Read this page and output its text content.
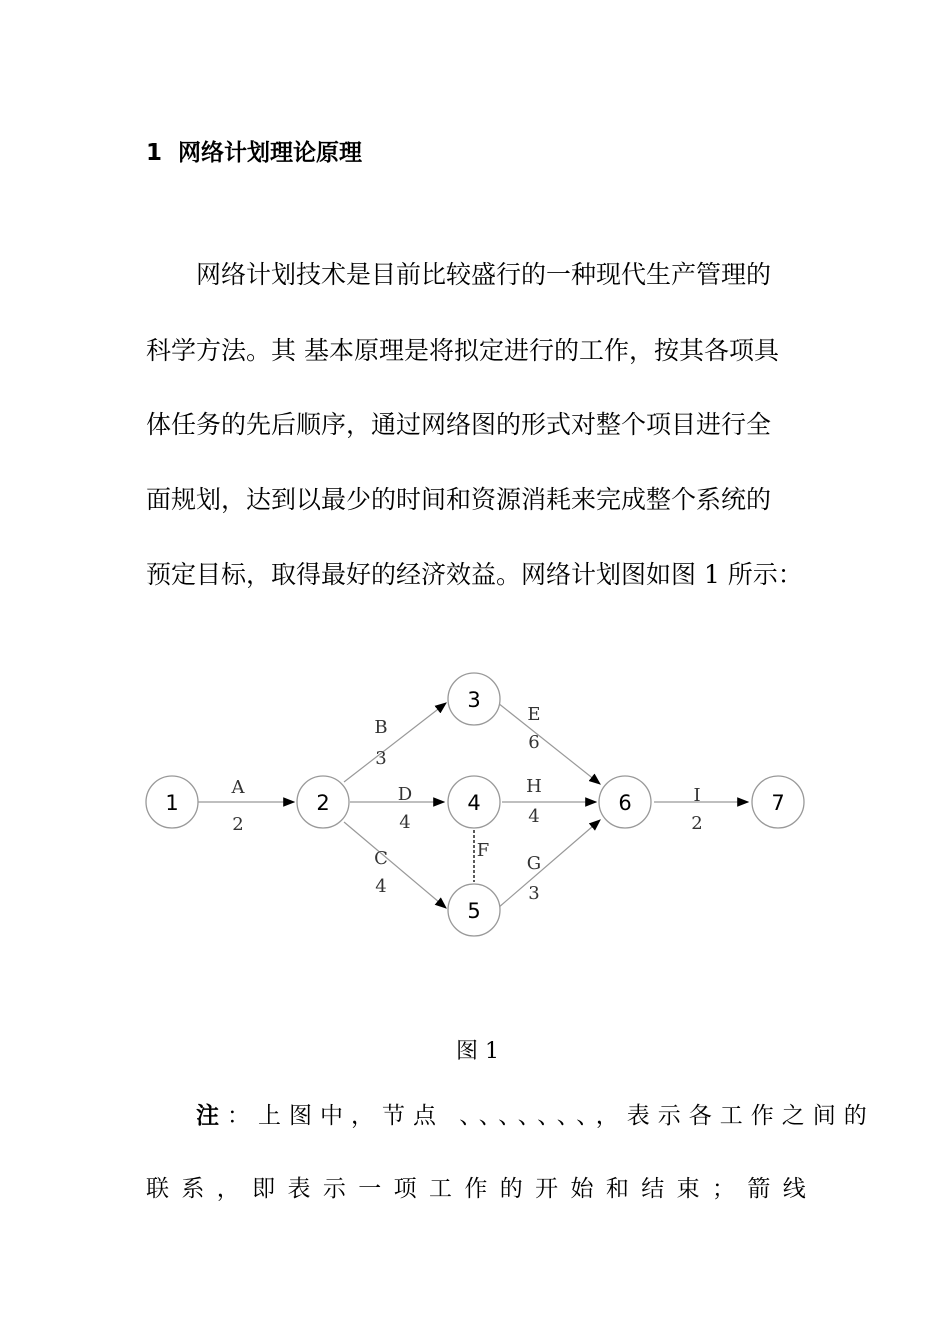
1 网络计划理论原理
网络计划技术是目前比较盛行的一种现代生产管理的
科学方法。其 基本原理是将拟定进行的工作，按其各项具
体任务的先后顺序，通过网络图的形式对整个项目进行全
面规划，达到以最少的时间和资源消耗来完成整个系统的
预定目标，取得最好的经济效益。网络计划图如图 1 所示：
1	2
3
4
5
6	7
A
2
B
3
D
4
C
4
F
E
6
H
4
G
3
I
2
图 1
注：上图中，节点 、、、、、、、，表示各工作之间的
联 系 ， 即 表 示 一 项 工 作 的 开 始 和 结 束 ； 箭 线
